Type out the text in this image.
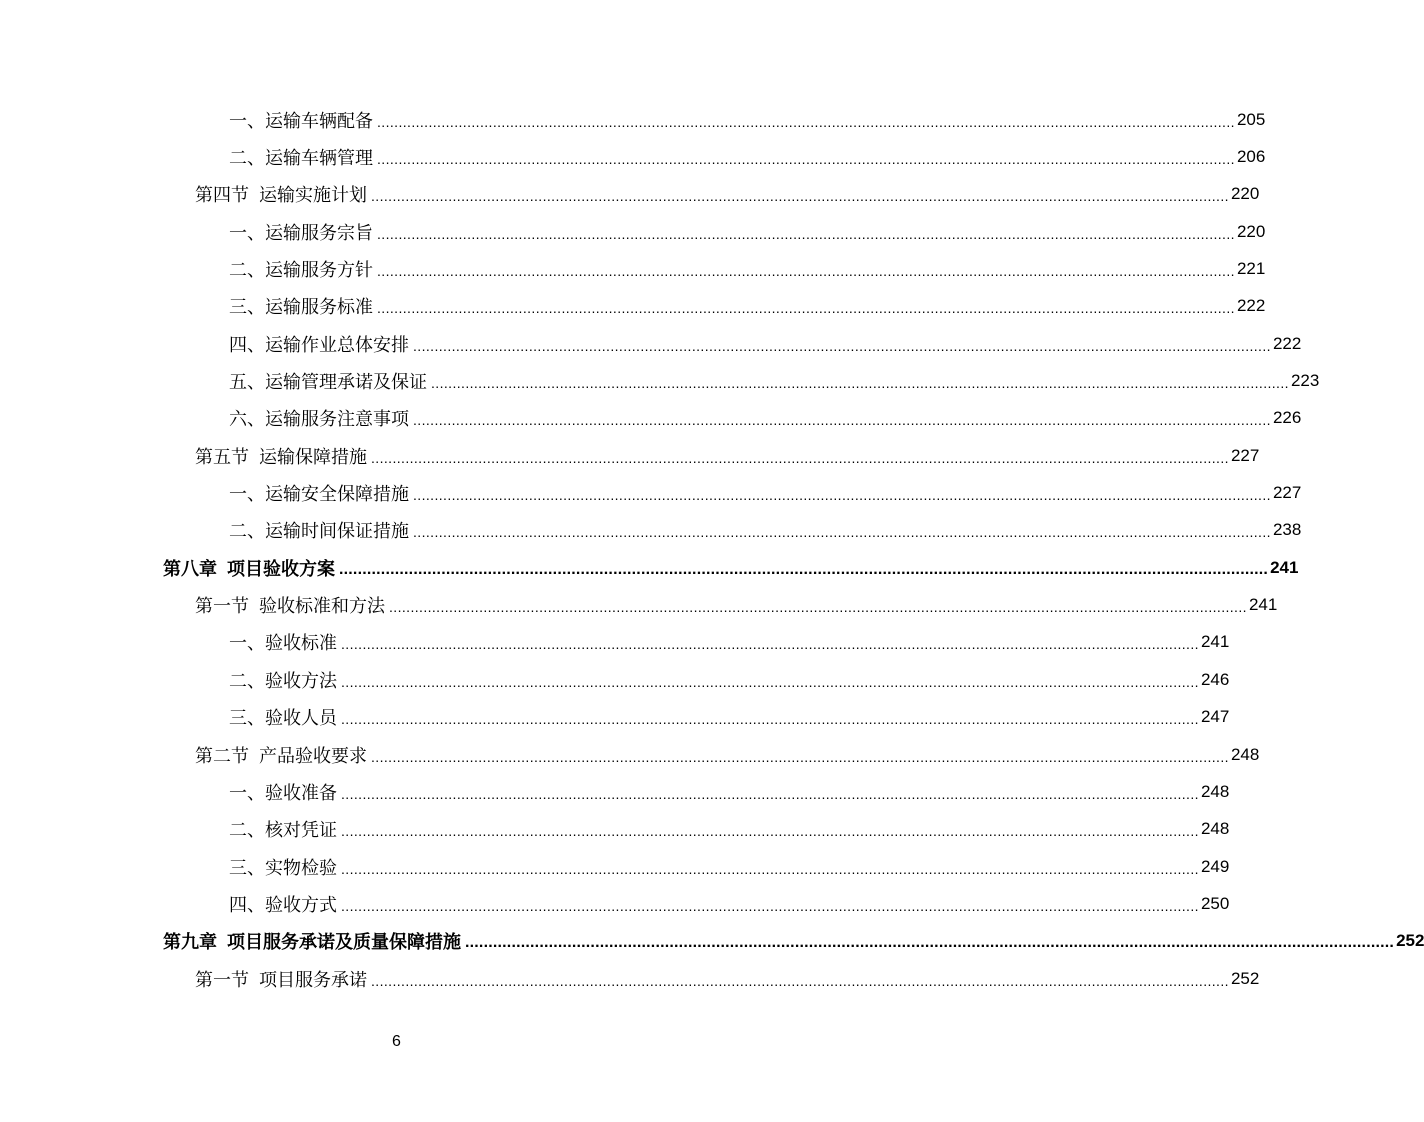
一、运输车辆配备 ........................................................................................................................................................................................................ 205
二、运输车辆管理 ........................................................................................................................................................................................................ 206
第四节 运输实施计划 ........................................................................................................................................................................................................ 220
一、运输服务宗旨 ........................................................................................................................................................................................................ 220
二、运输服务方针 ........................................................................................................................................................................................................ 221
三、运输服务标准 ........................................................................................................................................................................................................ 222
四、运输作业总体安排 ........................................................................................................................................................................................................ 222
五、运输管理承诺及保证 ........................................................................................................................................................................................................ 223
六、运输服务注意事项 ........................................................................................................................................................................................................ 226
第五节 运输保障措施 ........................................................................................................................................................................................................ 227
一、运输安全保障措施 ........................................................................................................................................................................................................ 227
二、运输时间保证措施 ........................................................................................................................................................................................................ 238
第八章 项目验收方案 ........................................................................................................................................................................................................ 241
第一节 验收标准和方法 ........................................................................................................................................................................................................ 241
一、验收标准 ........................................................................................................................................................................................................ 241
二、验收方法 ........................................................................................................................................................................................................ 246
三、验收人员 ........................................................................................................................................................................................................ 247
第二节 产品验收要求 ........................................................................................................................................................................................................ 248
一、验收准备 ........................................................................................................................................................................................................ 248
二、核对凭证 ........................................................................................................................................................................................................ 248
三、实物检验 ........................................................................................................................................................................................................ 249
四、验收方式 ........................................................................................................................................................................................................ 250
第九章 项目服务承诺及质量保障措施 ........................................................................................................................................................................................................ 252
第一节 项目服务承诺 ........................................................................................................................................................................................................ 252
6
